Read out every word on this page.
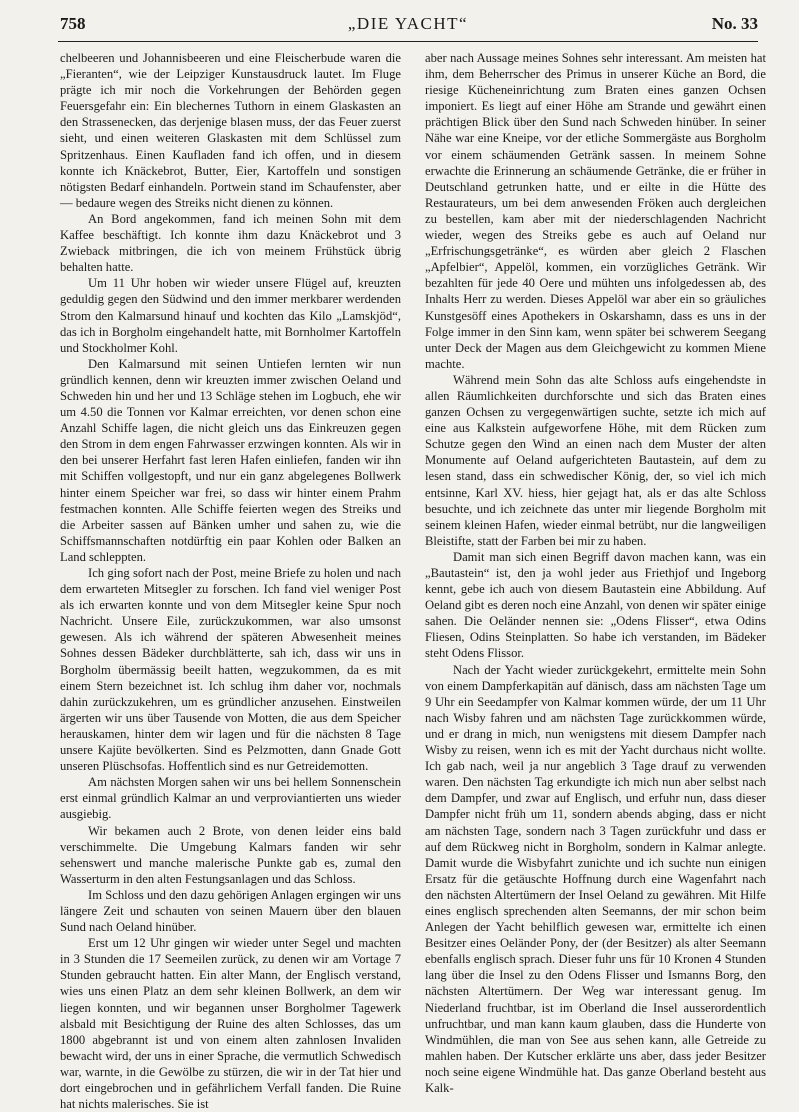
758	„DIE YACHT“	No. 33

chelbeeren und Johannisbeeren und eine Fleischerbude waren die „Fieranten“, wie der Leipziger Kunstausdruck lautet. Im Fluge prägte ich mir noch die Vorkehrungen der Behörden gegen Feuersgefahr ein: Ein blechernes Tuthorn in einem Glaskasten an den Strassenecken, das derjenige blasen muss, der das Feuer zuerst sieht, und einen weiteren Glaskasten mit dem Schlüssel zum Spritzenhaus. Einen Kaufladen fand ich offen, und in diesem konnte ich Knäckebrot, Butter, Eier, Kartoffeln und sonstigen nötigsten Bedarf einhandeln. Portwein stand im Schaufenster, aber — bedaure wegen des Streiks nicht dienen zu können.

An Bord angekommen, fand ich meinen Sohn mit dem Kaffee beschäftigt. Ich konnte ihm dazu Knäckebrot und 3 Zwieback mitbringen, die ich von meinem Frühstück übrig behalten hatte.

Um 11 Uhr hoben wir wieder unsere Flügel auf, kreuzten geduldig gegen den Südwind und den immer merkbarer werdenden Strom den Kalmarsund hinauf und kochten das Kilo „Lamskjöd“, das ich in Borgholm eingehandelt hatte, mit Bornholmer Kartoffeln und Stockholmer Kohl.

Den Kalmarsund mit seinen Untiefen lernten wir nun gründlich kennen, denn wir kreuzten immer zwischen Oeland und Schweden hin und her und 13 Schläge stehen im Logbuch, ehe wir um 4.50 die Tonnen vor Kalmar erreichten, vor denen schon eine Anzahl Schiffe lagen, die nicht gleich uns das Einkreuzen gegen den Strom in dem engen Fahrwasser erzwingen konnten. Als wir in den bei unserer Herfahrt fast leren Hafen einliefen, fanden wir ihn mit Schiffen vollgestopft, und nur ein ganz abgelegenes Bollwerk hinter einem Speicher war frei, so dass wir hinter einem Prahm festmachen konnten. Alle Schiffe feierten wegen des Streiks und die Arbeiter sassen auf Bänken umher und sahen zu, wie die Schiffsmannschaften notdürftig ein paar Kohlen oder Balken an Land schleppten.

Ich ging sofort nach der Post, meine Briefe zu holen und nach dem erwarteten Mitsegler zu forschen. Ich fand viel weniger Post als ich erwarten konnte und von dem Mitsegler keine Spur noch Nachricht. Unsere Eile, zurückzukommen, war also umsonst gewesen. Als ich während der späteren Abwesenheit meines Sohnes dessen Bädeker durchblätterte, sah ich, dass wir uns in Borgholm übermässig beeilt hatten, wegzukommen, da es mit einem Stern bezeichnet ist. Ich schlug ihm daher vor, nochmals dahin zurückzukehren, um es gründlicher anzusehen. Einstweilen ärgerten wir uns über Tausende von Motten, die aus dem Speicher herauskamen, hinter dem wir lagen und für die nächsten 8 Tage unsere Kajüte bevölkerten. Sind es Pelzmotten, dann Gnade Gott unseren Plüschsofas. Hoffentlich sind es nur Getreidemotten.

Am nächsten Morgen sahen wir uns bei hellem Sonnenschein erst einmal gründlich Kalmar an und verproviantierten uns wieder ausgiebig.

Wir bekamen auch 2 Brote, von denen leider eins bald verschimmelte. Die Umgebung Kalmars fanden wir sehr sehenswert und manche malerische Punkte gab es, zumal den Wasserturm in den alten Festungsanlagen und das Schloss.

Im Schloss und den dazu gehörigen Anlagen ergingen wir uns längere Zeit und schauten von seinen Mauern über den blauen Sund nach Oeland hinüber.

Erst um 12 Uhr gingen wir wieder unter Segel und machten in 3 Stunden die 17 Seemeilen zurück, zu denen wir am Vortage 7 Stunden gebraucht hatten. Ein alter Mann, der Englisch verstand, wies uns einen Platz an dem sehr kleinen Bollwerk, an dem wir liegen konnten, und wir begannen unser Borgholmer Tagewerk alsbald mit Besichtigung der Ruine des alten Schlosses, das um 1800 abgebrannt ist und von einem alten zahnlosen Invaliden bewacht wird, der uns in einer Sprache, die vermutlich Schwedisch war, warnte, in die Gewölbe zu stürzen, die wir in der Tat hier und dort eingebrochen und in gefährlichem Verfall fanden. Die Ruine hat nichts malerisches. Sie ist

aber nach Aussage meines Sohnes sehr interessant. Am meisten hat ihm, dem Beherrscher des Primus in unserer Küche an Bord, die riesige Kücheneinrichtung zum Braten eines ganzen Ochsen imponiert. Es liegt auf einer Höhe am Strande und gewährt einen prächtigen Blick über den Sund nach Schweden hinüber. In seiner Nähe war eine Kneipe, vor der etliche Sommergäste aus Borgholm vor einem schäumenden Getränk sassen. In meinem Sohne erwachte die Erinnerung an schäumende Getränke, die er früher in Deutschland getrunken hatte, und er eilte in die Hütte des Restaurateurs, um bei dem anwesenden Fröken auch dergleichen zu bestellen, kam aber mit der niederschlagenden Nachricht wieder, wegen des Streiks gebe es auch auf Oeland nur „Erfrischungsgetränke“, es würden aber gleich 2 Flaschen „Apfelbier“, Appelöl, kommen, ein vorzügliches Getränk. Wir bezahlten für jede 40 Oere und mühten uns infolgedessen ab, des Inhalts Herr zu werden. Dieses Appelöl war aber ein so gräuliches Kunstgesöff eines Apothekers in Oskarshamn, dass es uns in der Folge immer in den Sinn kam, wenn später bei schwerem Seegang unter Deck der Magen aus dem Gleichgewicht zu kommen Miene machte.

Während mein Sohn das alte Schloss aufs eingehendste in allen Räumlichkeiten durchforschte und sich das Braten eines ganzen Ochsen zu vergegenwärtigen suchte, setzte ich mich auf eine aus Kalkstein aufgeworfene Höhe, mit dem Rücken zum Schutze gegen den Wind an einen nach dem Muster der alten Monumente auf Oeland aufgerichteten Bautastein, auf dem zu lesen stand, dass ein schwedischer König, der, so viel ich mich entsinne, Karl XV. hiess, hier gejagt hat, als er das alte Schloss besuchte, und ich zeichnete das unter mir liegende Borgholm mit seinem kleinen Hafen, wieder einmal betrübt, nur die langweiligen Bleistifte, statt der Farben bei mir zu haben.

Damit man sich einen Begriff davon machen kann, was ein „Bautastein“ ist, den ja wohl jeder aus Friethjof und Ingeborg kennt, gebe ich auch von diesem Bautastein eine Abbildung. Auf Oeland gibt es deren noch eine Anzahl, von denen wir später einige sahen. Die Oeländer nennen sie: „Odens Flisser“, etwa Odins Fliesen, Odins Steinplatten. So habe ich verstanden, im Bädeker steht Odens Flissor.

Nach der Yacht wieder zurückgekehrt, ermittelte mein Sohn von einem Dampferkapitän auf dänisch, dass am nächsten Tage um 9 Uhr ein Seedampfer von Kalmar kommen würde, der um 11 Uhr nach Wisby fahren und am nächsten Tage zurückkommen würde, und er drang in mich, nun wenigstens mit diesem Dampfer nach Wisby zu reisen, wenn ich es mit der Yacht durchaus nicht wollte. Ich gab nach, weil ja nur angeblich 3 Tage drauf zu verwenden waren. Den nächsten Tag erkundigte ich mich nun aber selbst nach dem Dampfer, und zwar auf Englisch, und erfuhr nun, dass dieser Dampfer nicht früh um 11, sondern abends abging, dass er nicht am nächsten Tage, sondern nach 3 Tagen zurückfuhr und dass er auf dem Rückweg nicht in Borgholm, sondern in Kalmar anlegte. Damit wurde die Wisbyfahrt zunichte und ich suchte nun einigen Ersatz für die getäuschte Hoffnung durch eine Wagenfahrt nach den nächsten Altertümern der Insel Oeland zu gewähren. Mit Hilfe eines englisch sprechenden alten Seemanns, der mir schon beim Anlegen der Yacht behilflich gewesen war, ermittelte ich einen Besitzer eines Oeländer Pony, der (der Besitzer) als alter Seemann ebenfalls englisch sprach. Dieser fuhr uns für 10 Kronen 4 Stunden lang über die Insel zu den Odens Flisser und Ismanns Borg, den nächsten Altertümern. Der Weg war interessant genug. Im Niederland fruchtbar, ist im Oberland die Insel ausserordentlich unfruchtbar, und man kann kaum glauben, dass die Hunderte von Windmühlen, die man von See aus sehen kann, alle Getreide zu mahlen haben. Der Kutscher erklärte uns aber, dass jeder Besitzer noch seine eigene Windmühle hat. Das ganze Oberland besteht aus Kalk-
